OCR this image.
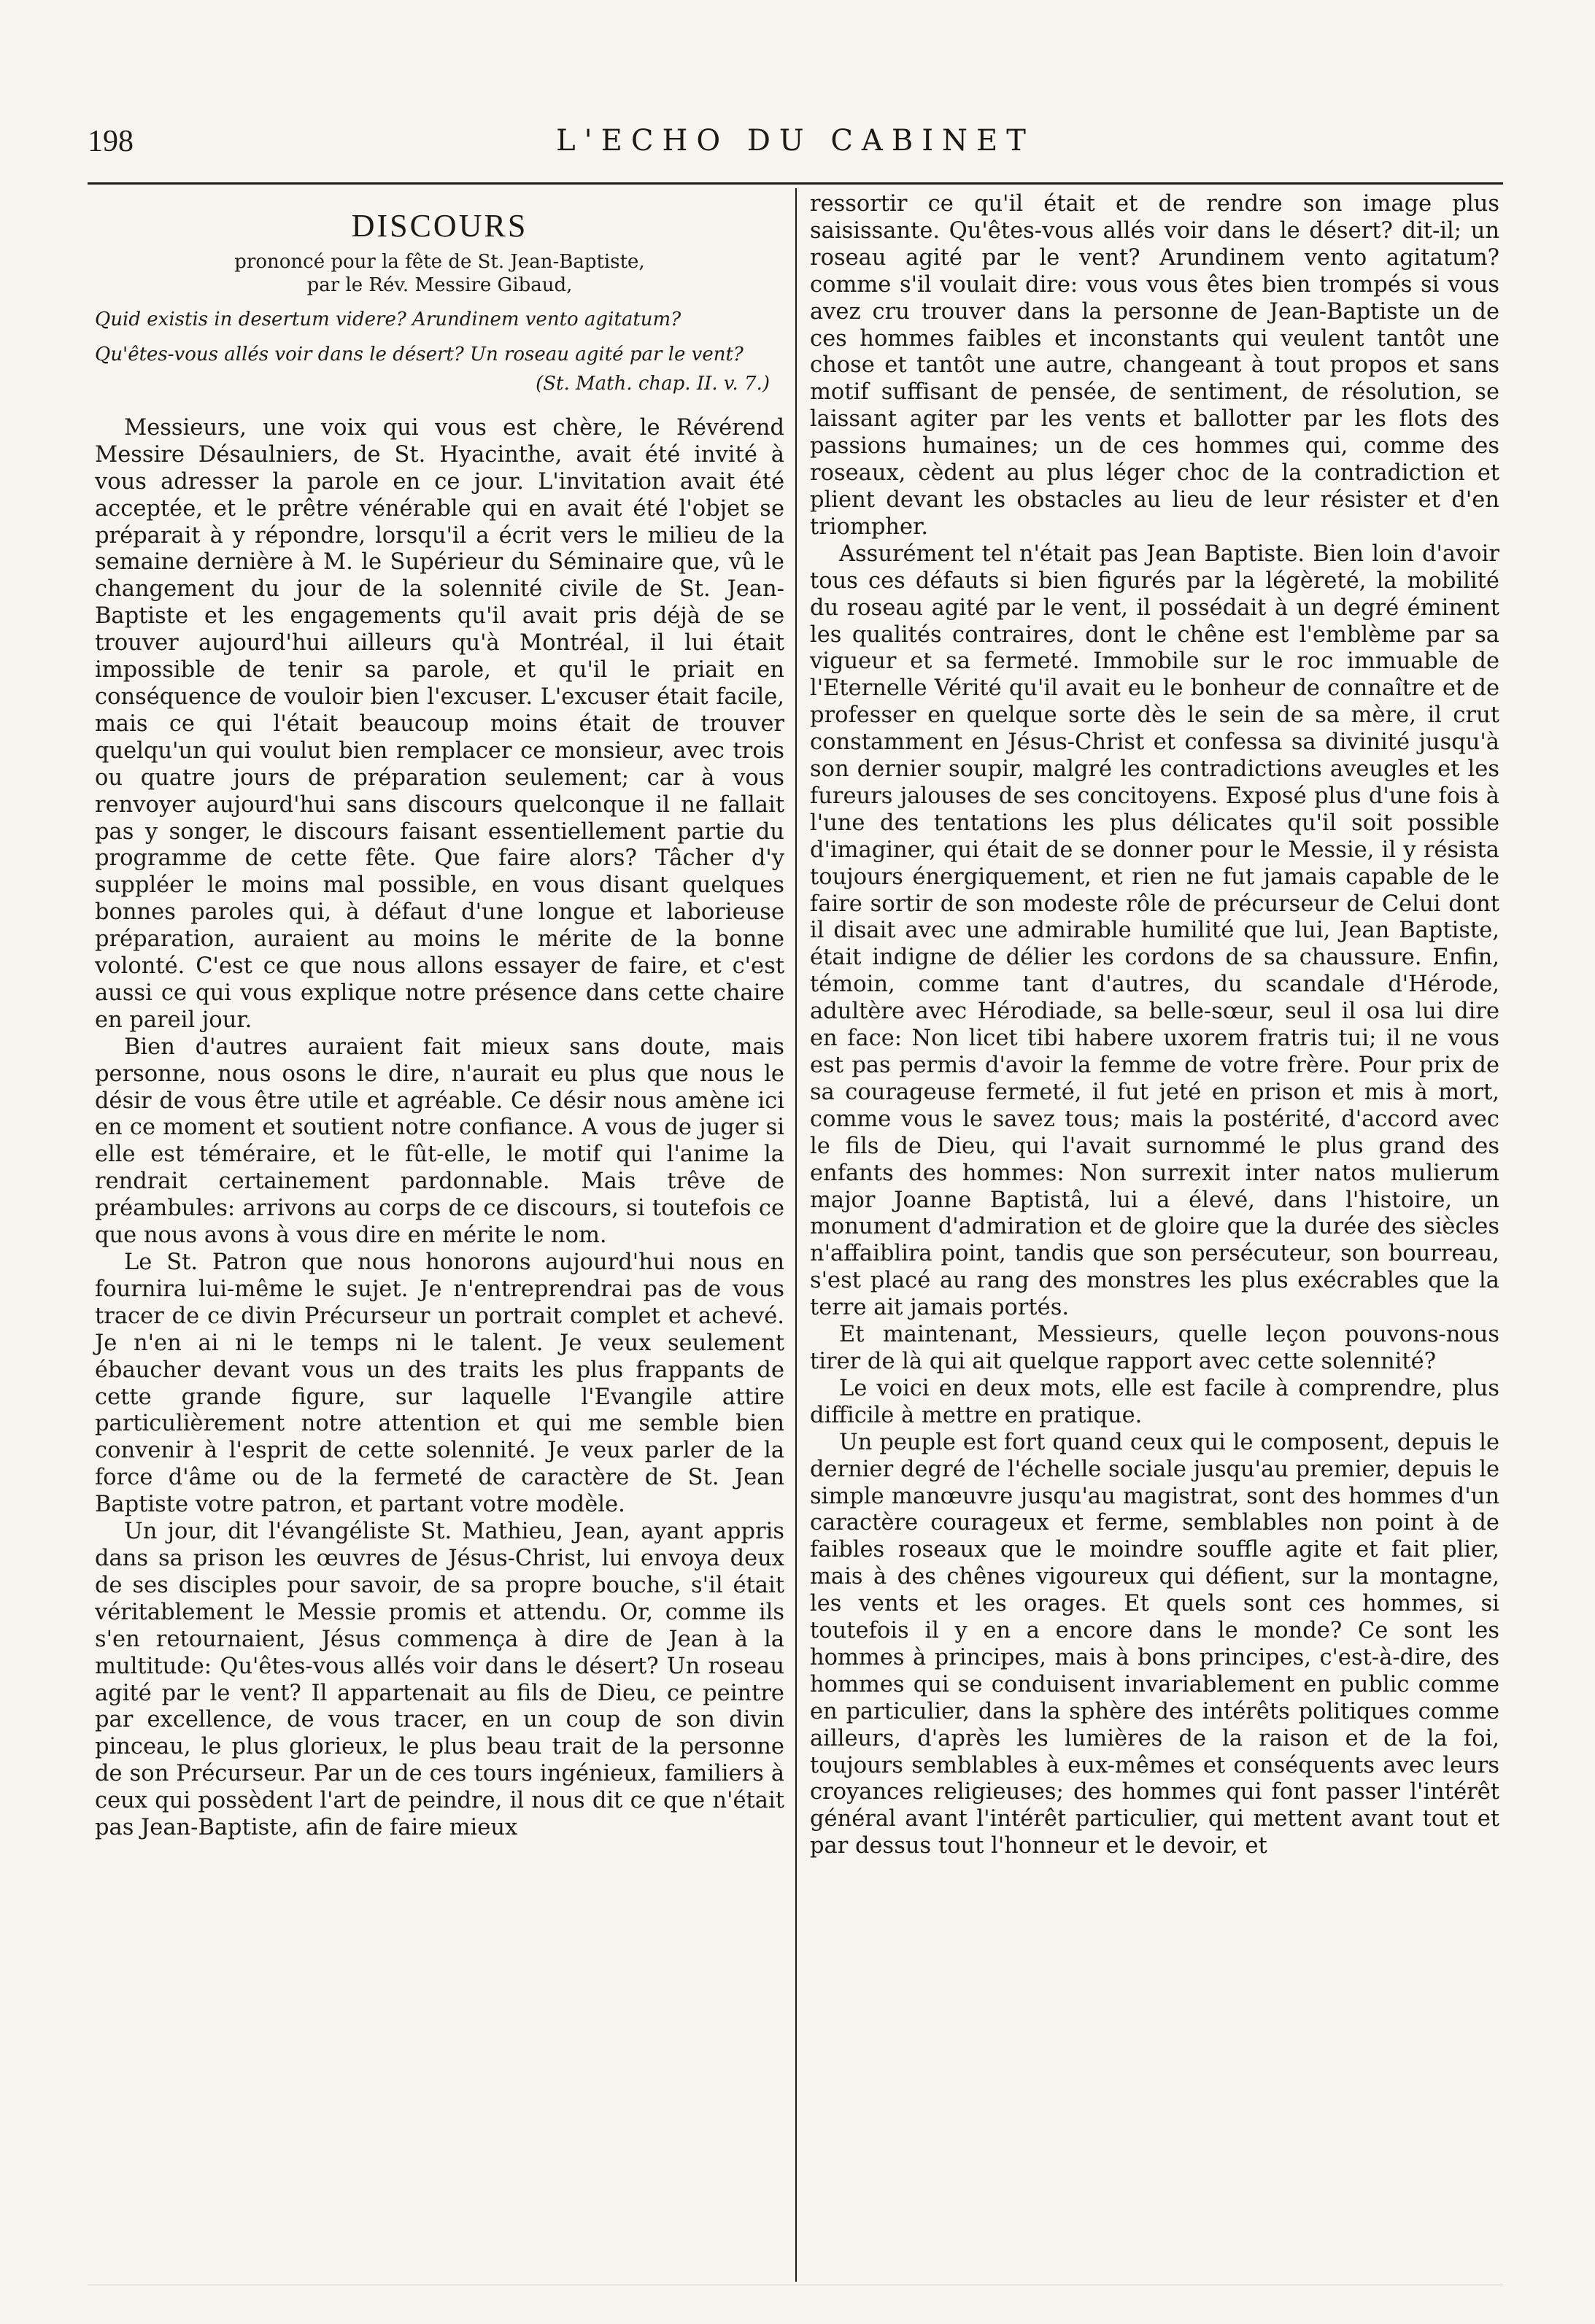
198	L'ECHO DU CABINET
DISCOURS

prononcé pour la fête de St. Jean-Baptiste,

par le Rév. Messire Gibaud,

Quid existis in desertum videre? Arundinem vento agitatum?

Qu'êtes-vous allés voir dans le désert? Un roseau agité par le vent?

(St. Math. chap. II. v. 7.)

Messieurs, une voix qui vous est chère, le Révérend Messire Désaulniers, de St. Hyacinthe, avait été invité à vous adresser la parole en ce jour. L'invitation avait été acceptée, et le prêtre vénérable qui en avait été l'objet se préparait à y répondre, lorsqu'il a écrit vers le milieu de la semaine dernière à M. le Supérieur du Séminaire que, vû le changement du jour de la solennité civile de St. Jean-Baptiste et les engagements qu'il avait pris déjà de se trouver aujourd'hui ailleurs qu'à Montréal, il lui était impossible de tenir sa parole, et qu'il le priait en conséquence de vouloir bien l'excuser. L'excuser était facile, mais ce qui l'était beaucoup moins était de trouver quelqu'un qui voulut bien remplacer ce monsieur, avec trois ou quatre jours de préparation seulement; car à vous renvoyer aujourd'hui sans discours quelconque il ne fallait pas y songer, le discours faisant essentiellement partie du programme de cette fête. Que faire alors? Tâcher d'y suppléer le moins mal possible, en vous disant quelques bonnes paroles qui, à défaut d'une longue et laborieuse préparation, auraient au moins le mérite de la bonne volonté. C'est ce que nous allons essayer de faire, et c'est aussi ce qui vous explique notre présence dans cette chaire en pareil jour.

Bien d'autres auraient fait mieux sans doute, mais personne, nous osons le dire, n'aurait eu plus que nous le désir de vous être utile et agréable. Ce désir nous amène ici en ce moment et soutient notre confiance. A vous de juger si elle est téméraire, et le fût-elle, le motif qui l'anime la rendrait certainement pardonnable. Mais trêve de préambules: arrivons au corps de ce discours, si toutefois ce que nous avons à vous dire en mérite le nom.

Le St. Patron que nous honorons aujourd'hui nous en fournira lui-même le sujet. Je n'entreprendrai pas de vous tracer de ce divin Précurseur un portrait complet et achevé. Je n'en ai ni le temps ni le talent. Je veux seulement ébaucher devant vous un des traits les plus frappants de cette grande figure, sur laquelle l'Evangile attire particulièrement notre attention et qui me semble bien convenir à l'esprit de cette solennité. Je veux parler de la force d'âme ou de la fermeté de caractère de St. Jean Baptiste votre patron, et partant votre modèle.

Un jour, dit l'évangéliste St. Mathieu, Jean, ayant appris dans sa prison les œuvres de Jésus-Christ, lui envoya deux de ses disciples pour savoir, de sa propre bouche, s'il était véritablement le Messie promis et attendu. Or, comme ils s'en retournaient, Jésus commença à dire de Jean à la multitude: Qu'êtes-vous allés voir dans le désert? Un roseau agité par le vent? Il appartenait au fils de Dieu, ce peintre par excellence, de vous tracer, en un coup de son divin pinceau, le plus glorieux, le plus beau trait de la personne de son Précurseur. Par un de ces tours ingénieux, familiers à ceux qui possèdent l'art de peindre, il nous dit ce que n'était pas Jean-Baptiste, afin de faire mieux

ressortir ce qu'il était et de rendre son image plus saisissante. Qu'êtes-vous allés voir dans le désert? dit-il; un roseau agité par le vent? Arundinem vento agitatum? comme s'il voulait dire: vous vous êtes bien trompés si vous avez cru trouver dans la personne de Jean-Baptiste un de ces hommes faibles et inconstants qui veulent tantôt une chose et tantôt une autre, changeant à tout propos et sans motif suffisant de pensée, de sentiment, de résolution, se laissant agiter par les vents et ballotter par les flots des passions humaines; un de ces hommes qui, comme des roseaux, cèdent au plus léger choc de la contradiction et plient devant les obstacles au lieu de leur résister et d'en triompher.

Assurément tel n'était pas Jean Baptiste. Bien loin d'avoir tous ces défauts si bien figurés par la légèreté, la mobilité du roseau agité par le vent, il possédait à un degré éminent les qualités contraires, dont le chêne est l'emblème par sa vigueur et sa fermeté. Immobile sur le roc immuable de l'Eternelle Vérité qu'il avait eu le bonheur de connaître et de professer en quelque sorte dès le sein de sa mère, il crut constamment en Jésus-Christ et confessa sa divinité jusqu'à son dernier soupir, malgré les contradictions aveugles et les fureurs jalouses de ses concitoyens. Exposé plus d'une fois à l'une des tentations les plus délicates qu'il soit possible d'imaginer, qui était de se donner pour le Messie, il y résista toujours énergiquement, et rien ne fut jamais capable de le faire sortir de son modeste rôle de précurseur de Celui dont il disait avec une admirable humilité que lui, Jean Baptiste, était indigne de délier les cordons de sa chaussure. Enfin, témoin, comme tant d'autres, du scandale d'Hérode, adultère avec Hérodiade, sa belle-sœur, seul il osa lui dire en face: Non licet tibi habere uxorem fratris tui; il ne vous est pas permis d'avoir la femme de votre frère. Pour prix de sa courageuse fermeté, il fut jeté en prison et mis à mort, comme vous le savez tous; mais la postérité, d'accord avec le fils de Dieu, qui l'avait surnommé le plus grand des enfants des hommes: Non surrexit inter natos mulierum major Joanne Baptistâ, lui a élevé, dans l'histoire, un monument d'admiration et de gloire que la durée des siècles n'affaiblira point, tandis que son persécuteur, son bourreau, s'est placé au rang des monstres les plus exécrables que la terre ait jamais portés.

Et maintenant, Messieurs, quelle leçon pouvons-nous tirer de là qui ait quelque rapport avec cette solennité?

Le voici en deux mots, elle est facile à comprendre, plus difficile à mettre en pratique.

Un peuple est fort quand ceux qui le composent, depuis le dernier degré de l'échelle sociale jusqu'au premier, depuis le simple manœuvre jusqu'au magistrat, sont des hommes d'un caractère courageux et ferme, semblables non point à de faibles roseaux que le moindre souffle agite et fait plier, mais à des chênes vigoureux qui défient, sur la montagne, les vents et les orages. Et quels sont ces hommes, si toutefois il y en a encore dans le monde? Ce sont les hommes à principes, mais à bons principes, c'est-à-dire, des hommes qui se conduisent invariablement en public comme en particulier, dans la sphère des intérêts politiques comme ailleurs, d'après les lumières de la raison et de la foi, toujours semblables à eux-mêmes et conséquents avec leurs croyances religieuses; des hommes qui font passer l'intérêt général avant l'intérêt particulier, qui mettent avant tout et par dessus tout l'honneur et le devoir, et
